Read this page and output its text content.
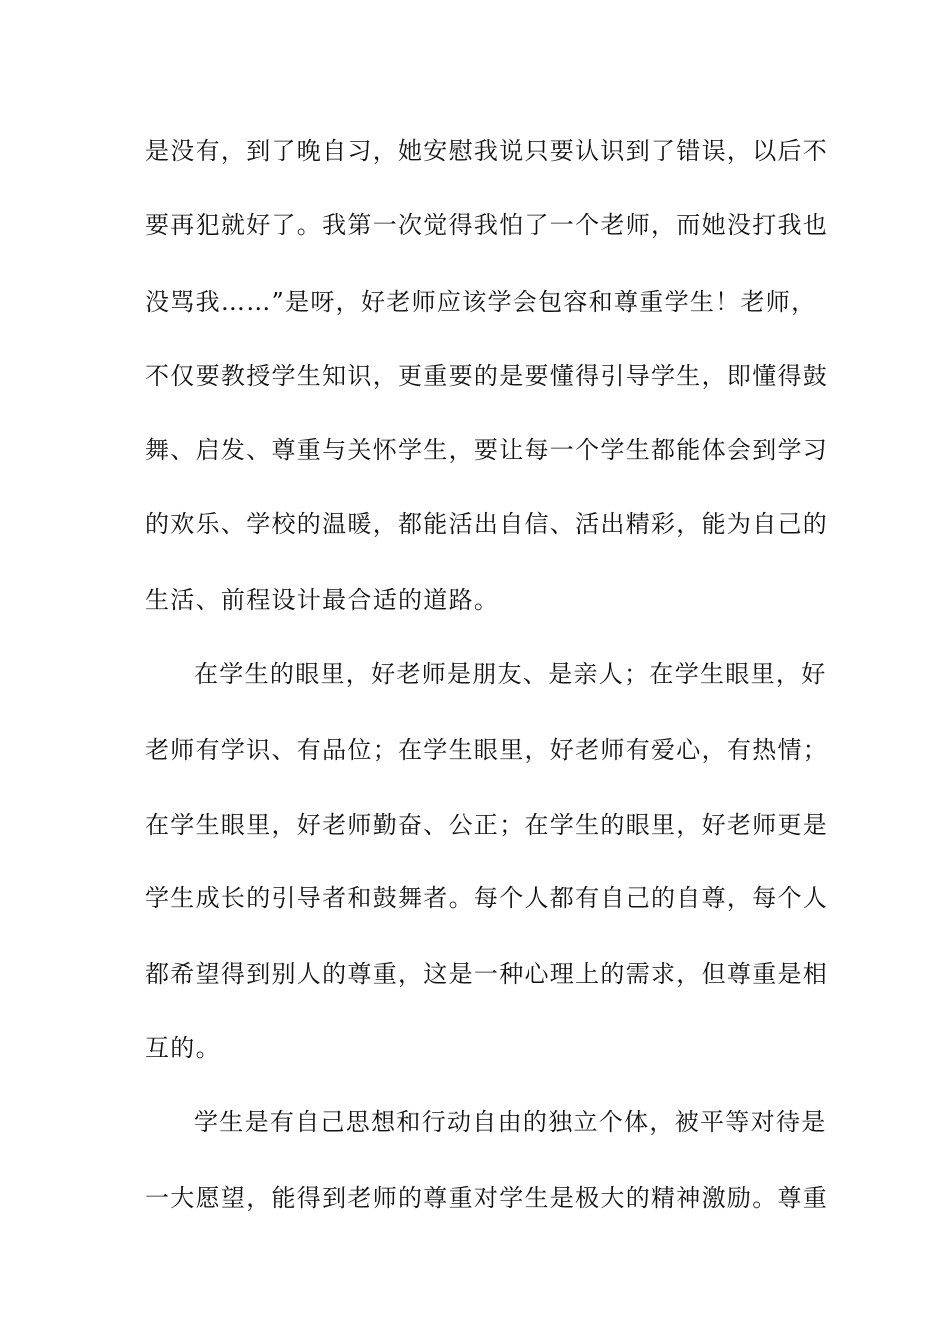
是没有，到了晚自习，她安慰我说只要认识到了错误，以后不
要再犯就好了。我第一次觉得我怕了一个老师，而她没打我也
没骂我……”是呀，好老师应该学会包容和尊重学生！老师，
不仅要教授学生知识，更重要的是要懂得引导学生，即懂得鼓
舞、启发、尊重与关怀学生，要让每一个学生都能体会到学习
的欢乐、学校的温暖，都能活出自信、活出精彩，能为自己的
生活、前程设计最合适的道路。
在学生的眼里，好老师是朋友、是亲人；在学生眼里，好
老师有学识、有品位；在学生眼里，好老师有爱心，有热情；
在学生眼里，好老师勤奋、公正；在学生的眼里，好老师更是
学生成长的引导者和鼓舞者。每个人都有自己的自尊，每个人
都希望得到别人的尊重，这是一种心理上的需求，但尊重是相
互的。
学生是有自己思想和行动自由的独立个体，被平等对待是
一大愿望，能得到老师的尊重对学生是极大的精神激励。尊重
